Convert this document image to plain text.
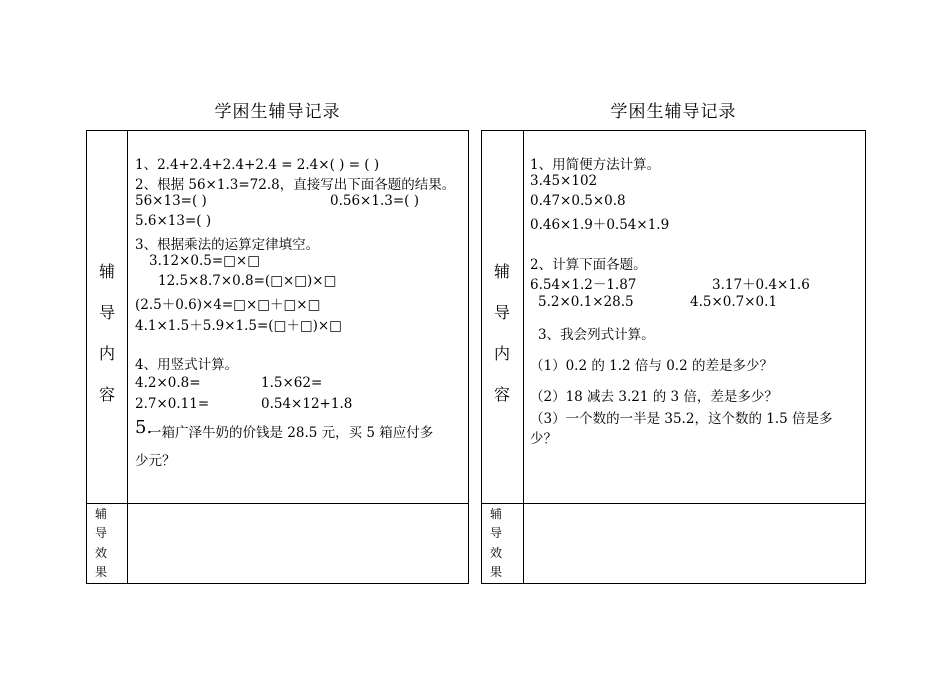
学困生辅导记录
辅
导
内
容
辅
导
效
果
1、2.4+2.4+2.4+2.4 = 2.4×( ) = ( )
2、根据 56×1.3=72.8，直接写出下面各题的结果。
56×13=( )	0.56×1.3=( )
5.6×13=( )
3、根据乘法的运算定律填空。
3.12×0.5=□×□
12.5×8.7×0.8=(□×□)×□
(2.5＋0.6)×4=□×□＋□×□
4.1×1.5＋5.9×1.5=(□＋□)×□
4、用竖式计算。
4.2×0.8=	1.5×62=
2.7×0.11=	0.54×12+1.8
5.
一箱广泽牛奶的价钱是 28.5 元，买 5 箱应付多
少元？
学困生辅导记录
辅
导
内
容
辅
导
效
果
1、用简便方法计算。
3.45×102
0.47×0.5×0.8
0.46×1.9＋0.54×1.9
2、计算下面各题。
6.54×1.2－1.87	3.17＋0.4×1.6
5.2×0.1×28.5	4.5×0.7×0.1
3、我会列式计算。
（1）0.2 的 1.2 倍与 0.2 的差是多少？
（2）18 减去 3.21 的 3 倍，差是多少？
（3）一个数的一半是 35.2，这个数的 1.5 倍是多
少？
